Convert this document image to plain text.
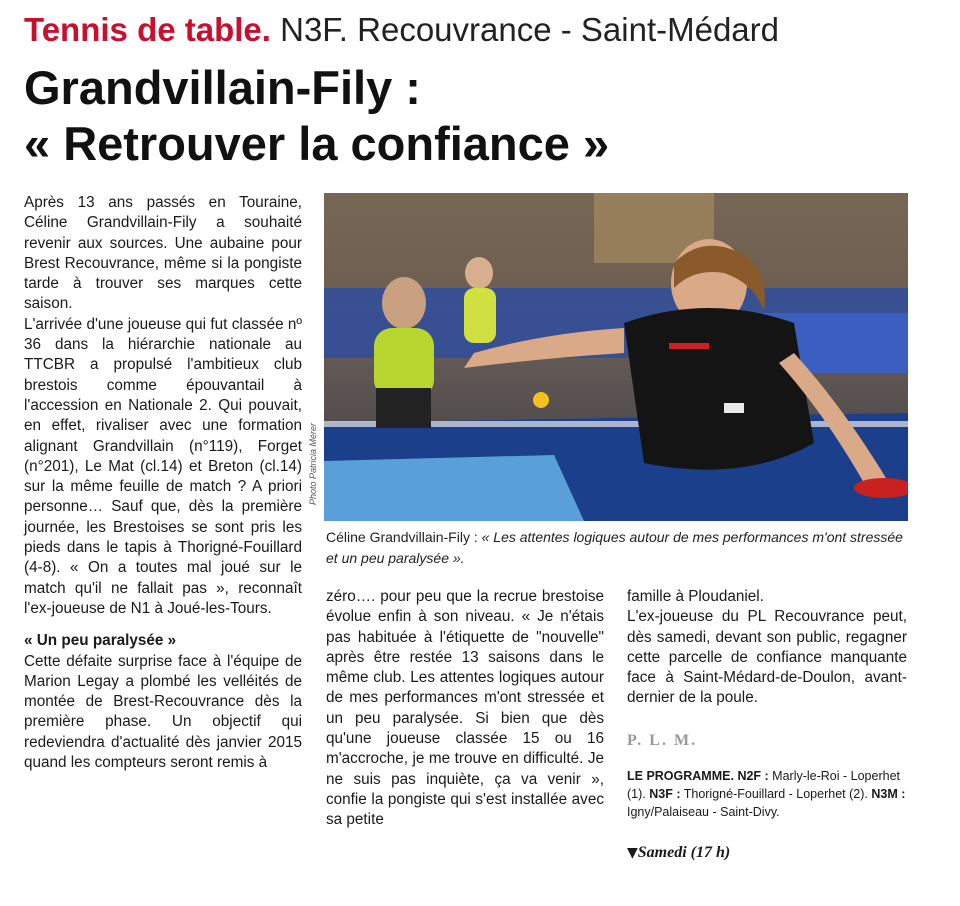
Tennis de table. N3F. Recouvrance - Saint-Médard
Grandvillain-Fily :
« Retrouver la confiance »

Après 13 ans passés en Touraine, Céline Grandvillain-Fily a souhaité revenir aux sources. Une aubaine pour Brest Recouvrance, même si la pongiste tarde à trouver ses marques cette saison.

L'arrivée d'une joueuse qui fut classée nº 36 dans la hiérarchie nationale au TTCBR a propulsé l'ambitieux club brestois comme épouvantail à l'accession en Nationale 2. Qui pouvait, en effet, rivaliser avec une formation alignant Grandvillain (n°119), Forget (n°201), Le Mat (cl.14) et Breton (cl.14) sur la même feuille de match ? A priori personne… Sauf que, dès la première journée, les Brestoises se sont pris les pieds dans le tapis à Thorigné-Fouillard (4-8). « On a toutes mal joué sur le match qu'il ne fallait pas », reconnaît l'ex-joueuse de N1 à Joué-les-Tours.

« Un peu paralysée »

Cette défaite surprise face à l'équipe de Marion Legay a plombé les velléités de montée de Brest-Recouvrance dès la première phase. Un objectif qui redeviendra d'actualité dès janvier 2015 quand les compteurs seront remis à

Photo Patricia Mérer
Céline Grandvillain-Fily : « Les attentes logiques autour de mes performances m'ont stressée et un peu paralysée ».

zéro…. pour peu que la recrue brestoise évolue enfin à son niveau. « Je n'étais pas habituée à l'étiquette de "nouvelle" après être restée 13 saisons dans le même club. Les attentes logiques autour de mes performances m'ont stressée et un peu paralysée. Si bien que dès qu'une joueuse classée 15 ou 16 m'accroche, je me trouve en difficulté. Je ne suis pas inquiète, ça va venir », confie la pongiste qui s'est installée avec sa petite

famille à Ploudaniel.

L'ex-joueuse du PL Recouvrance peut, dès samedi, devant son public, regagner cette parcelle de confiance manquante face à Saint-Médard-de-Doulon, avant-dernier de la poule.

P. L. M.

LE PROGRAMME. N2F : Marly-le-Roi - Loperhet (1). N3F : Thorigné-Fouillard - Loperhet (2). N3M : Igny/Palaiseau - Saint-Divy.

▼Samedi (17 h)
